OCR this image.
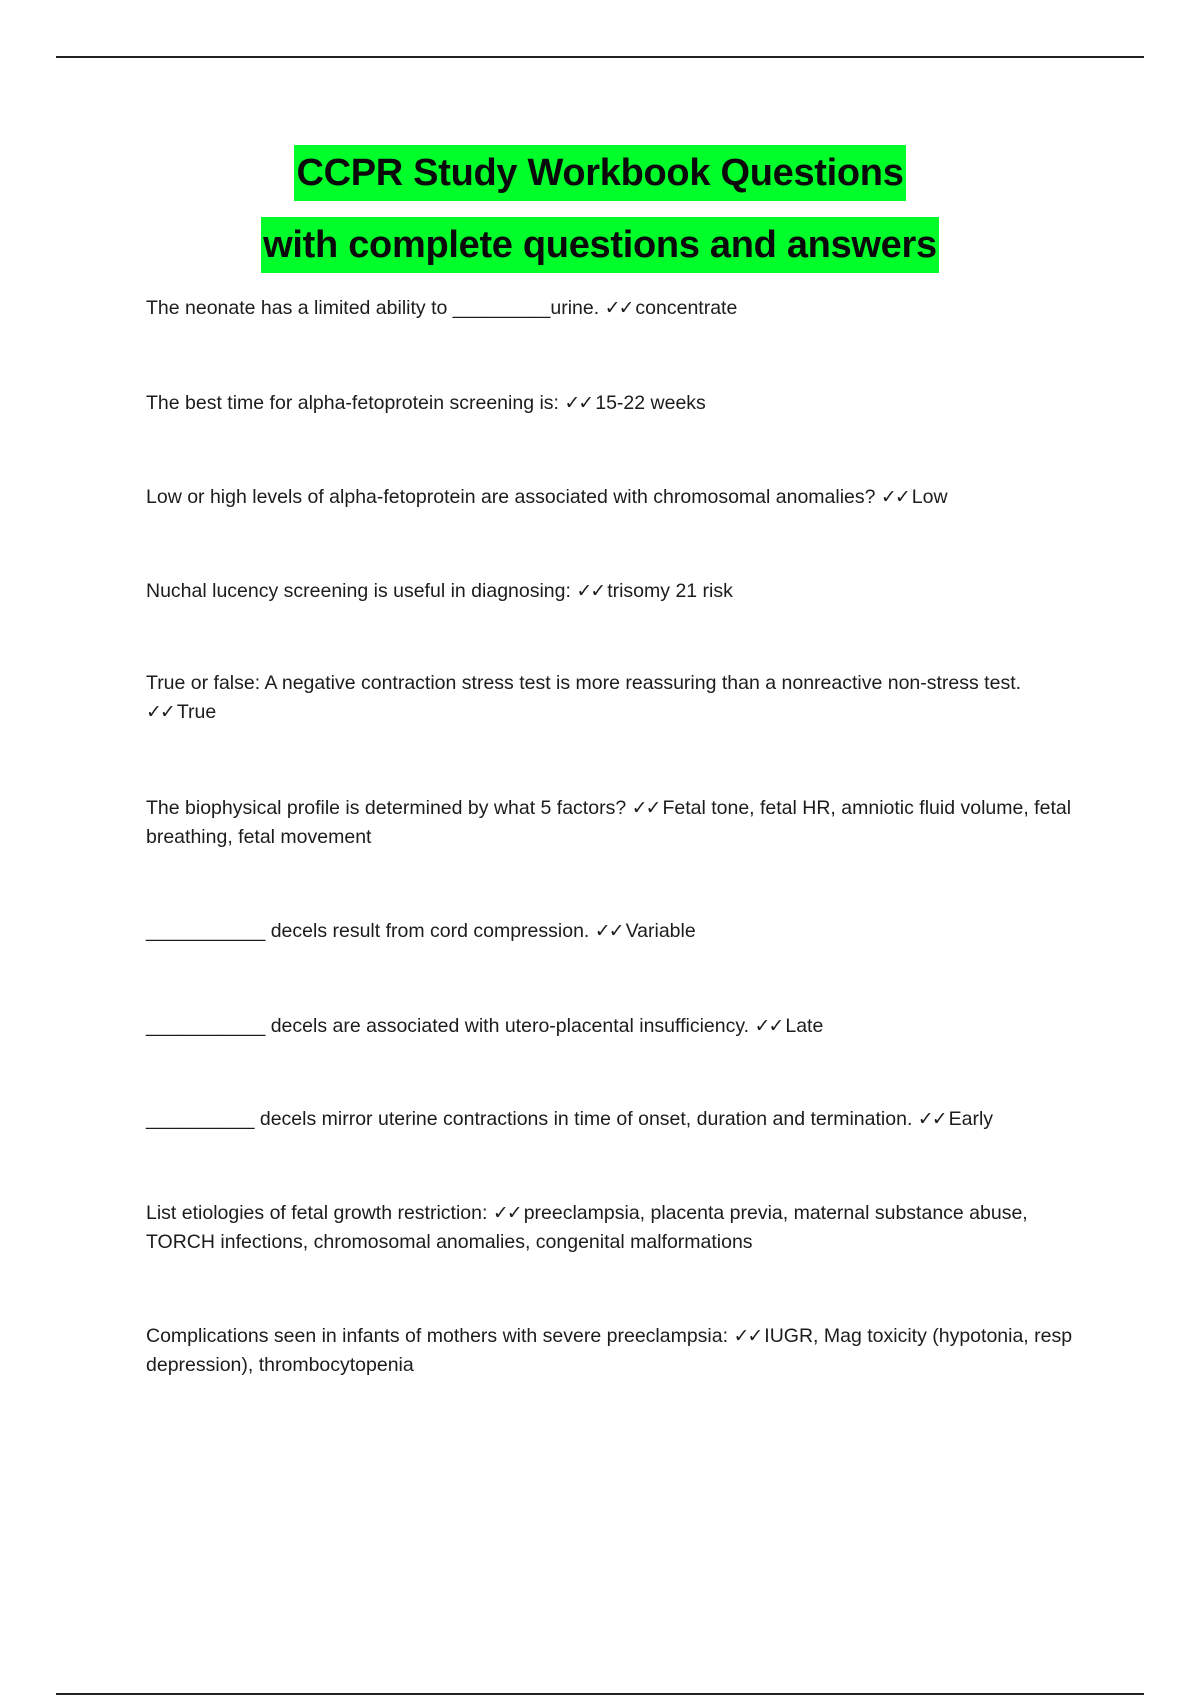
CCPR Study Workbook Questions
with complete questions and answers
The neonate has a limited ability to _________urine. ✓✓ concentrate
The best time for alpha-fetoprotein screening is: ✓✓ 15-22 weeks
Low or high levels of alpha-fetoprotein are associated with chromosomal anomalies? ✓✓ Low
Nuchal lucency screening is useful in diagnosing: ✓✓ trisomy 21 risk
True or false: A negative contraction stress test is more reassuring than a nonreactive non-stress test.
✓✓ True
The biophysical profile is determined by what 5 factors? ✓✓ Fetal tone, fetal HR, amniotic fluid volume, fetal breathing, fetal movement
___________ decels result from cord compression. ✓✓ Variable
___________ decels are associated with utero-placental insufficiency. ✓✓ Late
__________ decels mirror uterine contractions in time of onset, duration and termination. ✓✓ Early
List etiologies of fetal growth restriction: ✓✓ preeclampsia, placenta previa, maternal substance abuse, TORCH infections, chromosomal anomalies, congenital malformations
Complications seen in infants of mothers with severe preeclampsia: ✓✓ IUGR, Mag toxicity (hypotonia, resp depression), thrombocytopenia
